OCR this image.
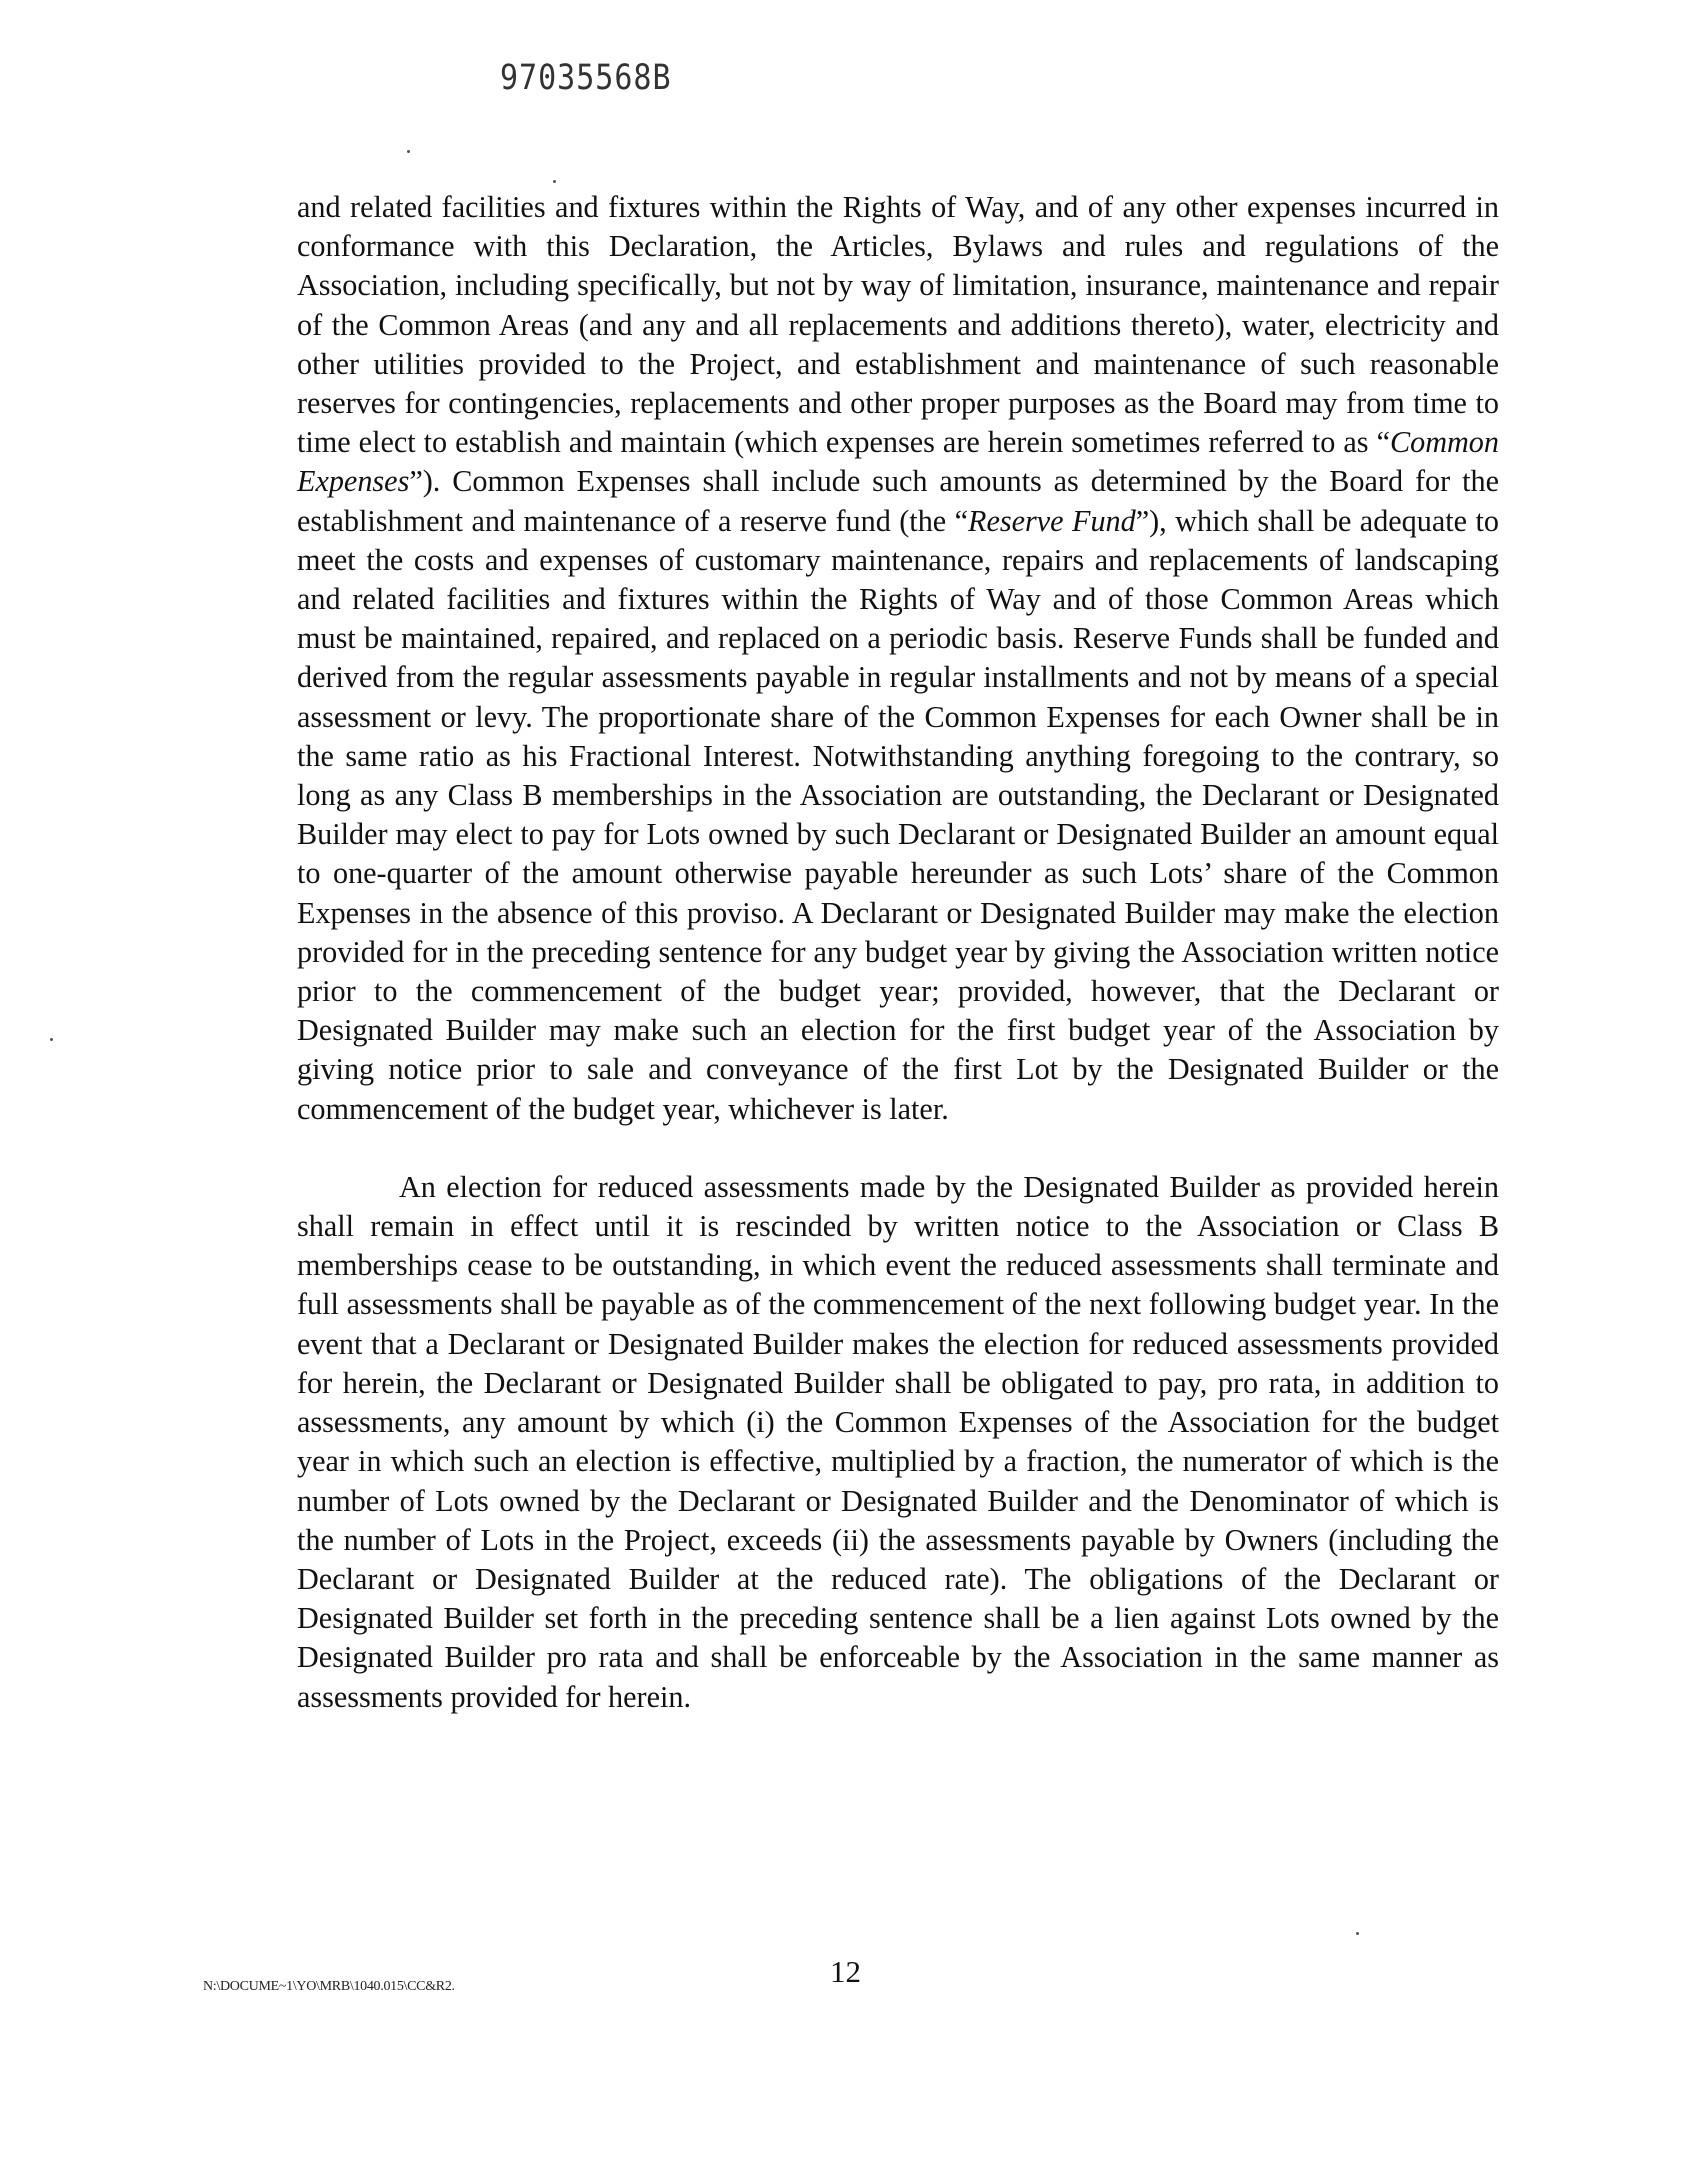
97035568B

and related facilities and fixtures within the Rights of Way, and of any other expenses incurred in conformance with this Declaration, the Articles, Bylaws and rules and regulations of the Association, including specifically, but not by way of limitation, insurance, maintenance and repair of the Common Areas (and any and all replacements and additions thereto), water, electricity and other utilities provided to the Project, and establishment and maintenance of such reasonable reserves for contingencies, replacements and other proper purposes as the Board may from time to time elect to establish and maintain (which expenses are herein sometimes referred to as “Common Expenses”). Common Expenses shall include such amounts as determined by the Board for the establishment and maintenance of a reserve fund (the “Reserve Fund”), which shall be adequate to meet the costs and expenses of customary maintenance, repairs and replacements of landscaping and related facilities and fixtures within the Rights of Way and of those Common Areas which must be maintained, repaired, and replaced on a periodic basis. Reserve Funds shall be funded and derived from the regular assessments payable in regular installments and not by means of a special assessment or levy. The proportionate share of the Common Expenses for each Owner shall be in the same ratio as his Fractional Interest. Notwithstanding anything foregoing to the contrary, so long as any Class B memberships in the Association are outstanding, the Declarant or Designated Builder may elect to pay for Lots owned by such Declarant or Designated Builder an amount equal to one-quarter of the amount otherwise payable hereunder as such Lots’ share of the Common Expenses in the absence of this proviso. A Declarant or Designated Builder may make the election provided for in the preceding sentence for any budget year by giving the Association written notice prior to the commencement of the budget year; provided, however, that the Declarant or Designated Builder may make such an election for the first budget year of the Association by giving notice prior to sale and conveyance of the first Lot by the Designated Builder or the commencement of the budget year, whichever is later.

An election for reduced assessments made by the Designated Builder as provided herein shall remain in effect until it is rescinded by written notice to the Association or Class B memberships cease to be outstanding, in which event the reduced assessments shall terminate and full assessments shall be payable as of the commencement of the next following budget year. In the event that a Declarant or Designated Builder makes the election for reduced assessments provided for herein, the Declarant or Designated Builder shall be obligated to pay, pro rata, in addition to assessments, any amount by which (i) the Common Expenses of the Association for the budget year in which such an election is effective, multiplied by a fraction, the numerator of which is the number of Lots owned by the Declarant or Designated Builder and the Denominator of which is the number of Lots in the Project, exceeds (ii) the assessments payable by Owners (including the Declarant or Designated Builder at the reduced rate). The obligations of the Declarant or Designated Builder set forth in the preceding sentence shall be a lien against Lots owned by the Designated Builder pro rata and shall be enforceable by the Association in the same manner as assessments provided for herein.

N:\DOCUME~1\YO\MRB\1040.015\CC&R2.	12
